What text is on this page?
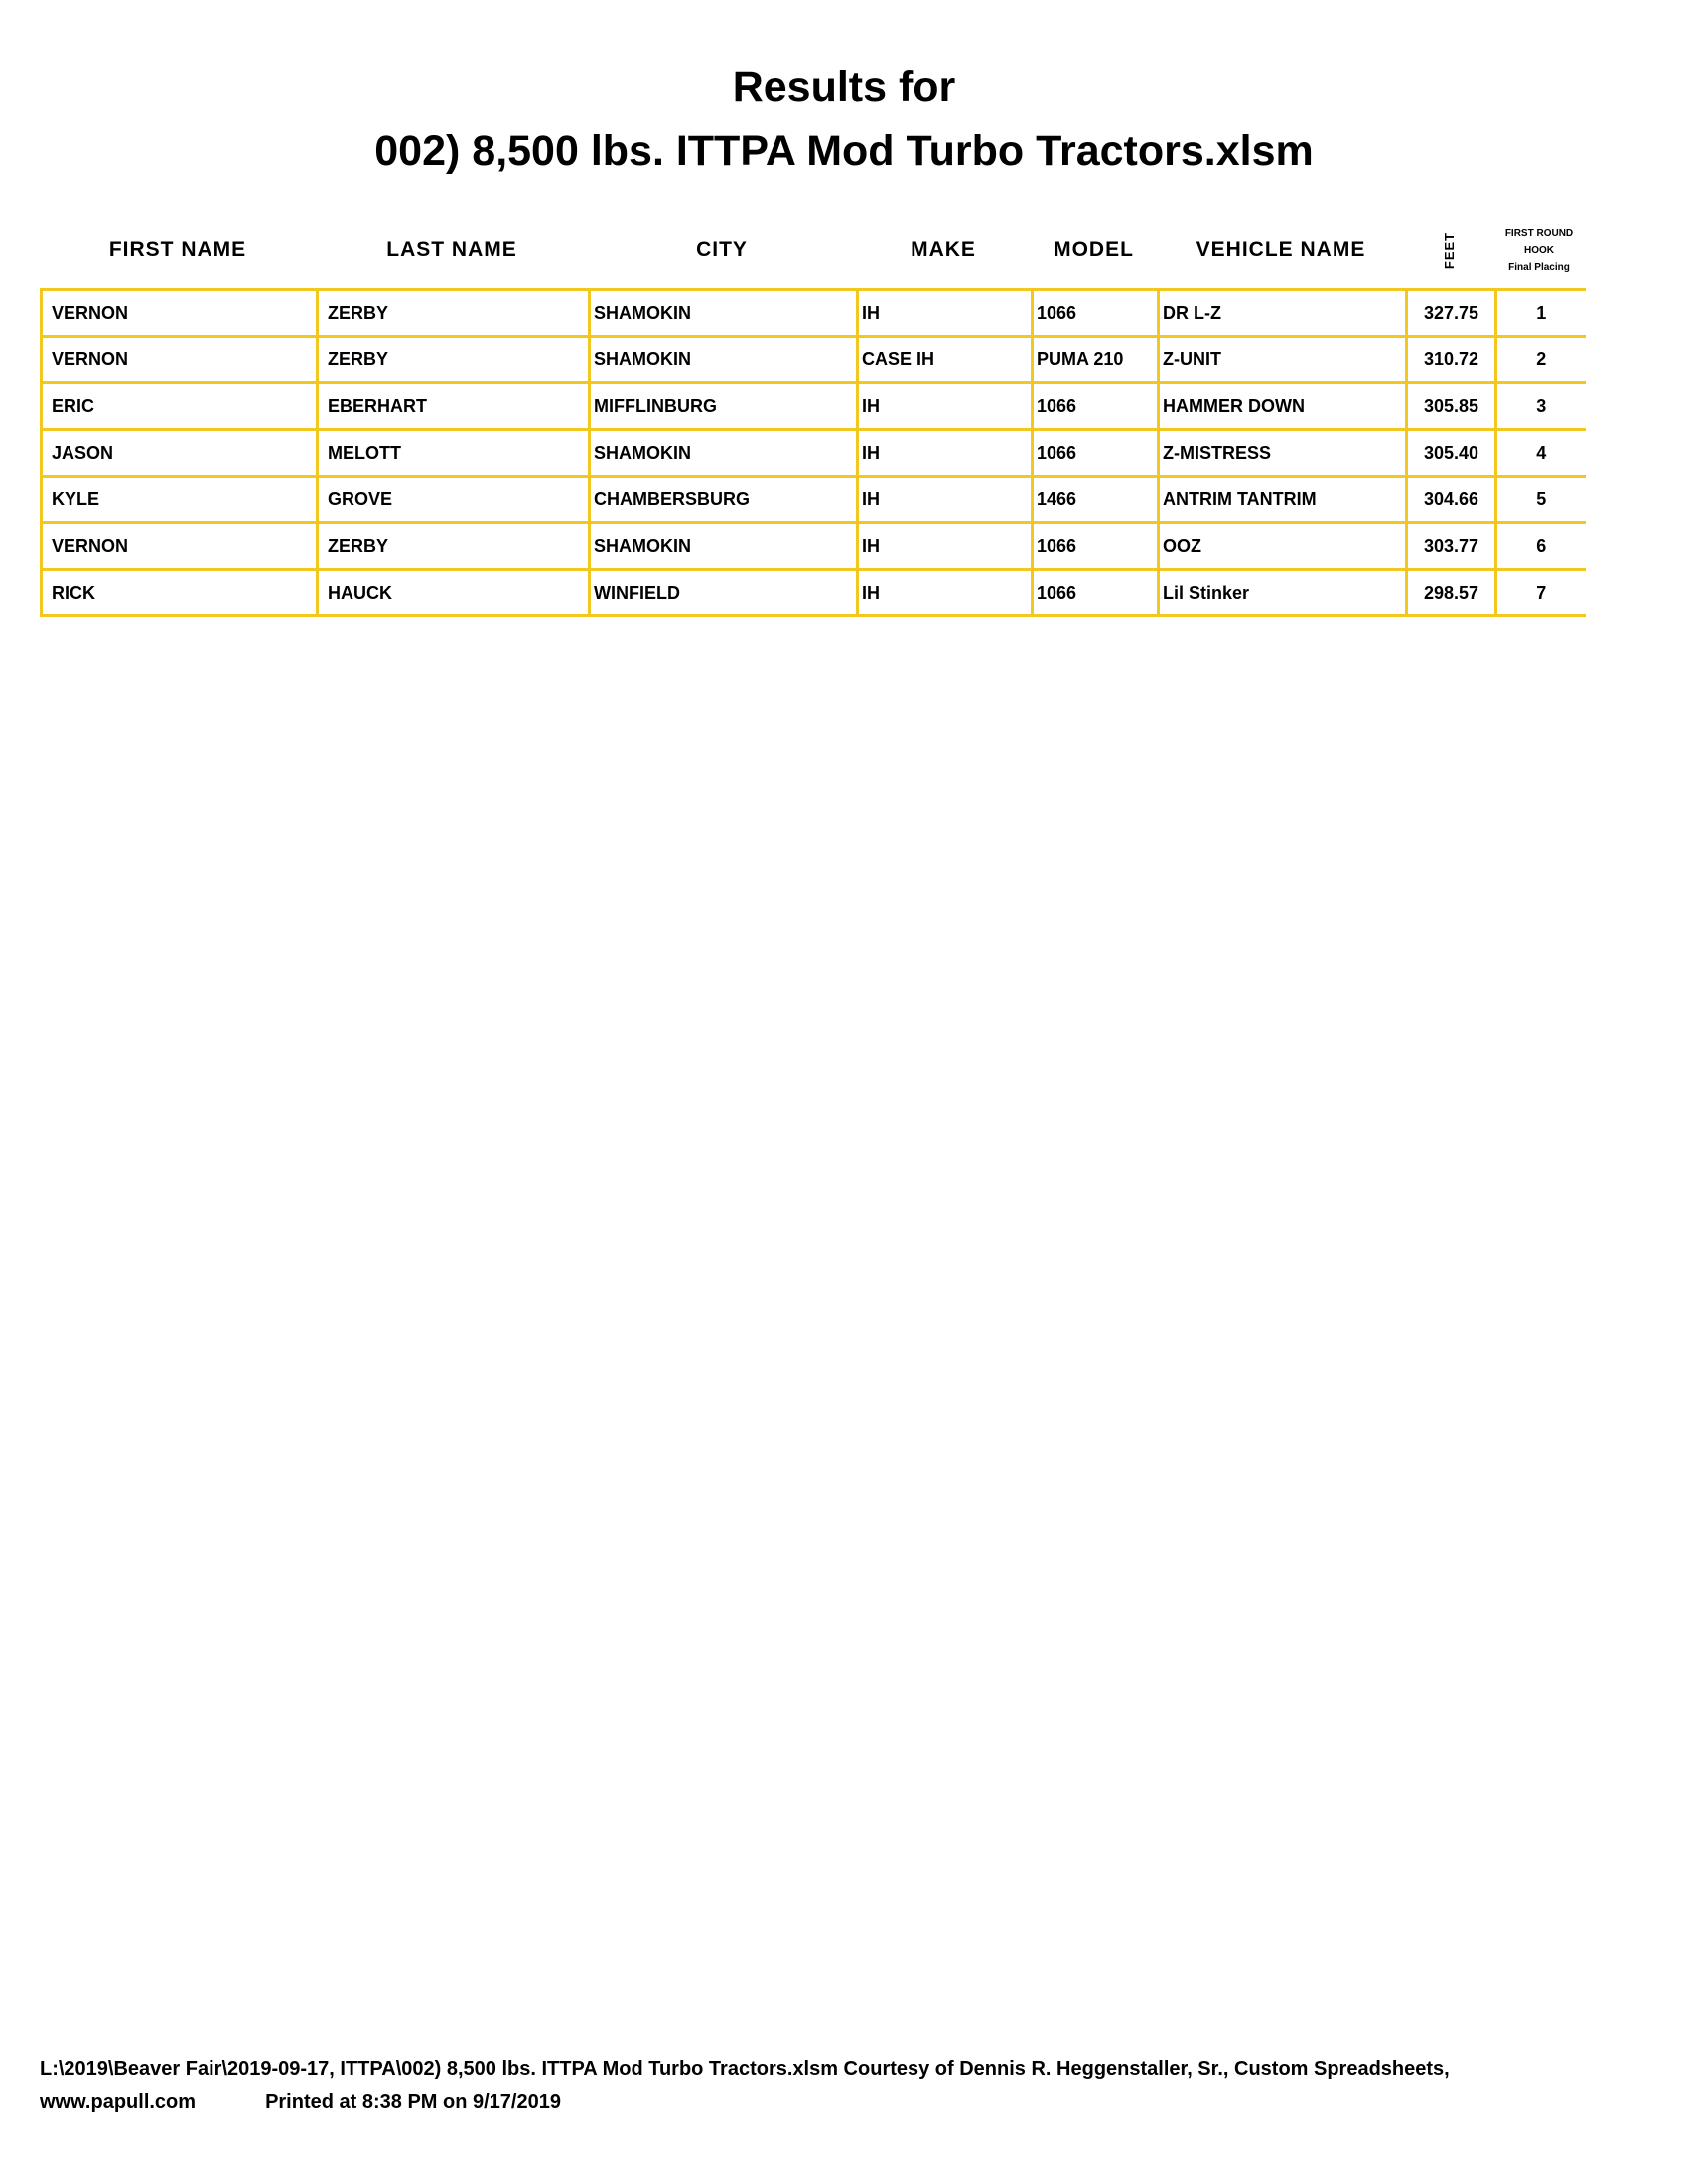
Results for
002) 8,500 lbs. ITTPA Mod Turbo Tractors.xlsm
FIRST NAME	LAST NAME	CITY	MAKE	MODEL	VEHICLE NAME	FEET	FIRST ROUND
HOOK
Final Placing
VERNON	ZERBY	SHAMOKIN	IH	1066	DR L-Z	327.75	1
VERNON	ZERBY	SHAMOKIN	CASE IH	PUMA 210	Z-UNIT	310.72	2
ERIC	EBERHART	MIFFLINBURG	IH	1066	HAMMER DOWN	305.85	3
JASON	MELOTT	SHAMOKIN	IH	1066	Z-MISTRESS	305.40	4
KYLE	GROVE	CHAMBERSBURG	IH	1466	ANTRIM TANTRIM	304.66	5
VERNON	ZERBY	SHAMOKIN	IH	1066	OOZ	303.77	6
RICK	HAUCK	WINFIELD	IH	1066	Lil Stinker	298.57	7
L:\2019\Beaver Fair\2019-09-17, ITTPA\002) 8,500 lbs. ITTPA Mod Turbo Tractors.xlsm Courtesy of Dennis R. Heggenstaller, Sr., Custom Spreadsheets, www.papull.com	Printed at 8:38 PM on 9/17/2019
